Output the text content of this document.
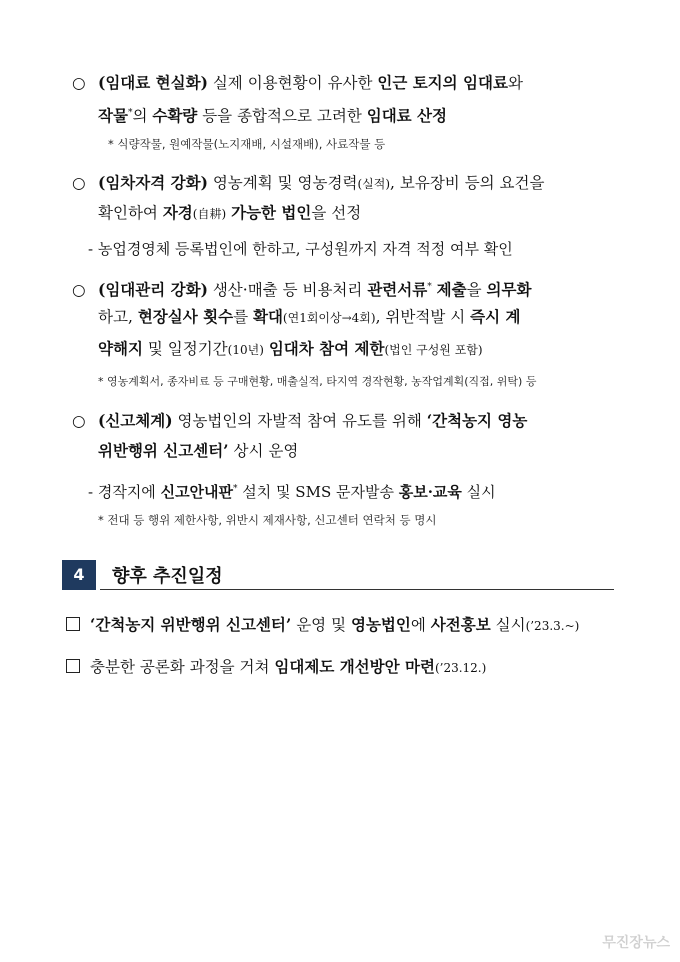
○ (임대료 현실화) 실제 이용현황이 유사한 인근 토지의 임대료와
작물*의 수확량 등을 종합적으로 고려한 임대료 산정
* 식량작물, 원예작물(노지재배, 시설재배), 사료작물 등
○ (임차자격 강화) 영농계획 및 영농경력(실적), 보유장비 등의 요건을
확인하여 자경(自耕) 가능한 법인을 선정
- 농업경영체 등록법인에 한하고, 구성원까지 자격 적정 여부 확인
○ (임대관리 강화) 생산·매출 등 비용처리 관련서류* 제출을 의무화
하고, 현장실사 횟수를 확대(연1회이상→4회), 위반적발 시 즉시 계
약해지 및 일정기간(10년) 임대차 참여 제한(법인 구성원 포함)
* 영농계획서, 종자비료 등 구매현황, 매출실적, 타지역 경작현황, 농작업계획(직접, 위탁) 등
○ (신고체계) 영농법인의 자발적 참여 유도를 위해 ‘간척농지 영농
위반행위 신고센터’ 상시 운영
- 경작지에 신고안내판* 설치 및 SMS 문자발송 홍보·교육 실시
* 전대 등 행위 제한사항, 위반시 제재사항, 신고센터 연락처 등 명시
4	향후 추진일정
‘간척농지 위반행위 신고센터’ 운영 및 영농법인에 사전홍보 실시(’23.3.~)
충분한 공론화 과정을 거쳐 임대제도 개선방안 마련(’23.12.)
무진장뉴스
